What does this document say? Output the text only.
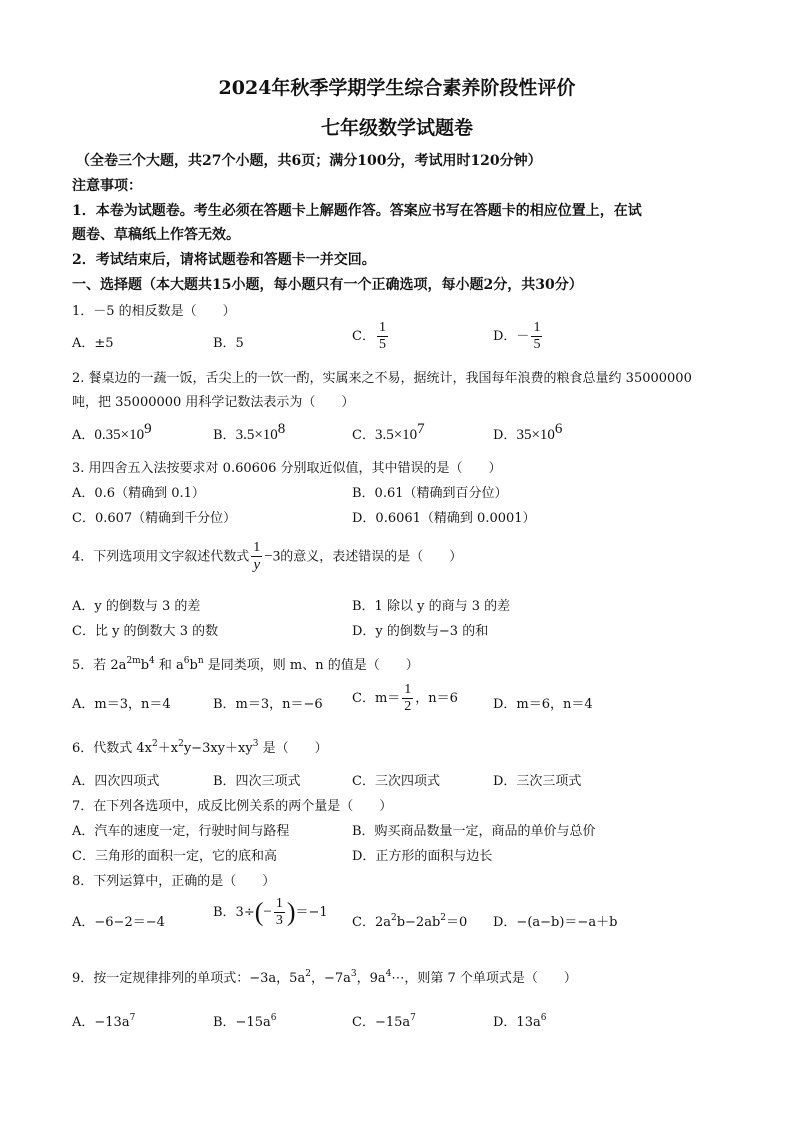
2024年秋季学期学生综合素养阶段性评价
七年级数学试题卷
（全卷三个大题，共27个小题，共6页；满分100分，考试用时120分钟）
注意事项：
1．本卷为试题卷。考生必须在答题卡上解题作答。答案应书写在答题卡的相应位置上，在试
题卷、草稿纸上作答无效。
2．考试结束后，请将试题卷和答题卡一并交回。
一、选择题（本大题共15小题，每小题只有一个正确选项，每小题2分，共30分）
1．－5 的相反数是（　　）
A．±5	B．5	C． $\frac{1}{5}$	D．－ $\frac{1}{5}$
2. 餐桌边的一蔬一饭，舌尖上的一饮一酌，实属来之不易，据统计，我国每年浪费的粮食总量约 35000000
吨，把 35000000 用科学记数法表示为（　　）
A．$0.35\times 10^9$	B．$3.5\times 10^8$	C．$3.5\times 10^7$	D．$35\times 10^6$
3. 用四舍五入法按要求对 0.60606 分别取近似值，其中错误的是（　　）
A．0.6（精确到 0.1）	B．0.61（精确到百分位）
C．0.607（精确到千分位）	D．0.6061（精确到 0.0001）
4．下列选项用文字叙述代数式 $\frac{1}{y} -3$的意义，表述错误的是（　　）
A．y 的倒数与 3 的差	B．1 除以 y 的商与 3 的差
C．比 y 的倒数大 3 的数	D．y 的倒数与−3 的和
5．若 $2a^{2m}b^4$ 和 $a^6b^n$ 是同类项，则 m、n 的值是（　　）
A．m＝3，n＝4	B．m＝3，n＝−6 C．$m= \frac{1}{2}$ ，n＝6	D．m＝6，n＝4
6．代数式 $4x^2+x^2y-3xy+xy^3$ 是（　　）
A．四次四项式	B．四次三项式	C．三次四项式	D．三次三项式
7．在下列各选项中，成反比例关系的两个量是（　　）
A．汽车的速度一定，行驶时间与路程	B．购买商品数量一定，商品的单价与总价
C．三角形的面积一定，它的底和高	D．正方形的面积与边长
8．下列运算中，正确的是（　　）
A．−6−2＝−4
B．$3\div(- \frac{1}{3} )=-1$
C．$2a^2b-2ab^2=0$ D．−(a−b)＝−a＋b
9．按一定规律排列的单项式：−3a，$5a^2$，$-7a^3$，$9a^4\cdots$，则第 7 个单项式是（　　）
A．$-13a^7$	B．$-15a^6$	C．$-15a^7$	D．$13a^6$
